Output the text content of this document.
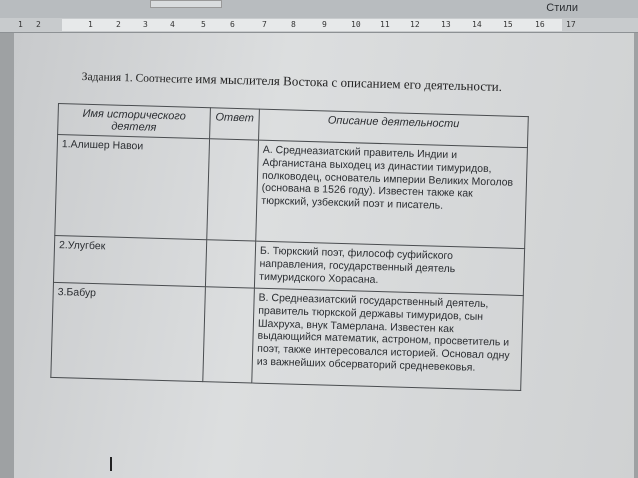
Стили
1 2	1	2	3	4	5	6	7	8	9	10 11	12	13	14	15	16	17
Задания 1. Соотнесите имя мыслителя Востока с описанием его деятельности.
Имя исторического деятеля	Ответ	Описание деятельности
1.Алишер Навои		А. Среднеазиатский правитель Индии и Афганистана выходец из династии тимуридов, полководец, основатель империи Великих Моголов (основана в 1526 году). Известен также как тюркский, узбекский поэт и писатель.
2.Улугбек		Б. Тюркский поэт, философ суфийского направления, государственный деятель тимуридского Хорасана.
3.Бабур		В. Среднеазиатский государственный деятель, правитель тюркской державы тимуридов, сын Шахруха, внук Тамерлана. Известен как выдающийся математик, астроном, просветитель и поэт, также интересовался историей. Основал одну из важнейших обсерваторий средневековья.
